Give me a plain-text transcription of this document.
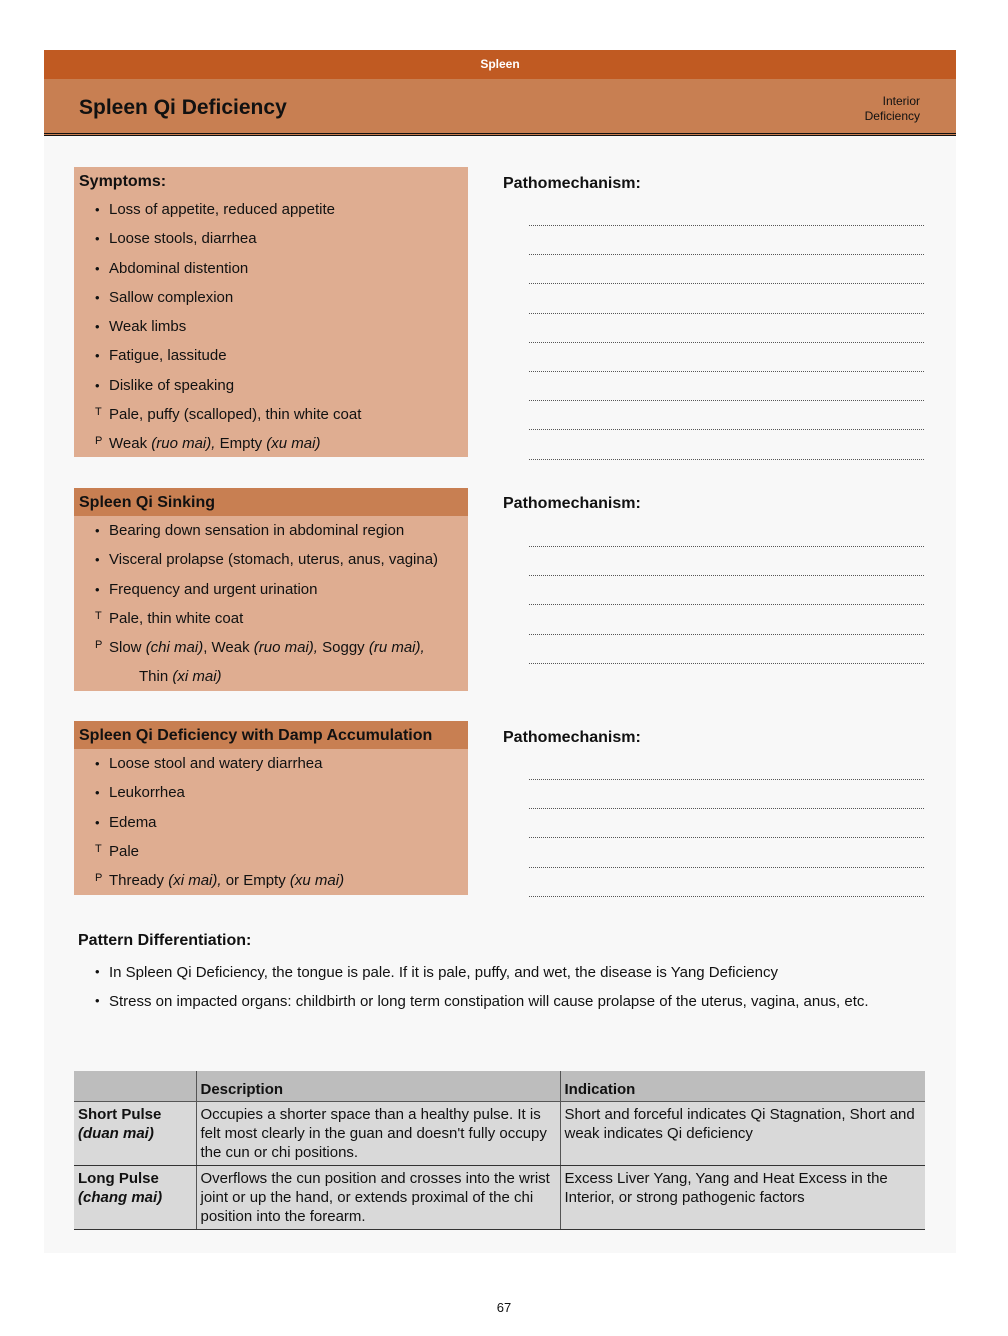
Spleen
Spleen Qi Deficiency	Interior
Deficiency
Symptoms:
• Loss of appetite, reduced appetite
• Loose stools, diarrhea
• Abdominal distention
• Sallow complexion
• Weak limbs
• Fatigue, lassitude
• Dislike of speaking
T Pale, puffy (scalloped), thin white coat
P Weak (ruo mai), Empty (xu mai)
Spleen Qi Sinking
• Bearing down sensation in abdominal region
• Visceral prolapse (stomach, uterus, anus, vagina)
• Frequency and urgent urination
T Pale, thin white coat
P Slow (chi mai), Weak (ruo mai), Soggy (ru mai),
Thin (xi mai)
Spleen Qi Deficiency with Damp Accumulation
• Loose stool and watery diarrhea
• Leukorrhea
• Edema
T Pale
P Thready (xi mai), or Empty (xu mai)
Pathomechanism:
Pathomechanism:
Pathomechanism:
Pattern Differentiation:
• In Spleen Qi Deficiency, the tongue is pale. If it is pale, puffy, and wet, the disease is Yang Deficiency
• Stress on impacted organs: childbirth or long term constipation will cause prolapse of the uterus, vagina, anus, etc.
	Description	Indication
Short Pulse
(duan mai)	Occupies a shorter space than a healthy pulse. It is felt most clearly in the guan and doesn't fully occupy the cun or chi positions.	Short and forceful indicates Qi Stagnation, Short and weak indicates Qi deficiency
Long Pulse
(chang mai)	Overflows the cun position and crosses into the wrist joint or up the hand, or extends proximal of the chi position into the forearm.	Excess Liver Yang, Yang and Heat Excess in the Interior, or strong pathogenic factors
67
